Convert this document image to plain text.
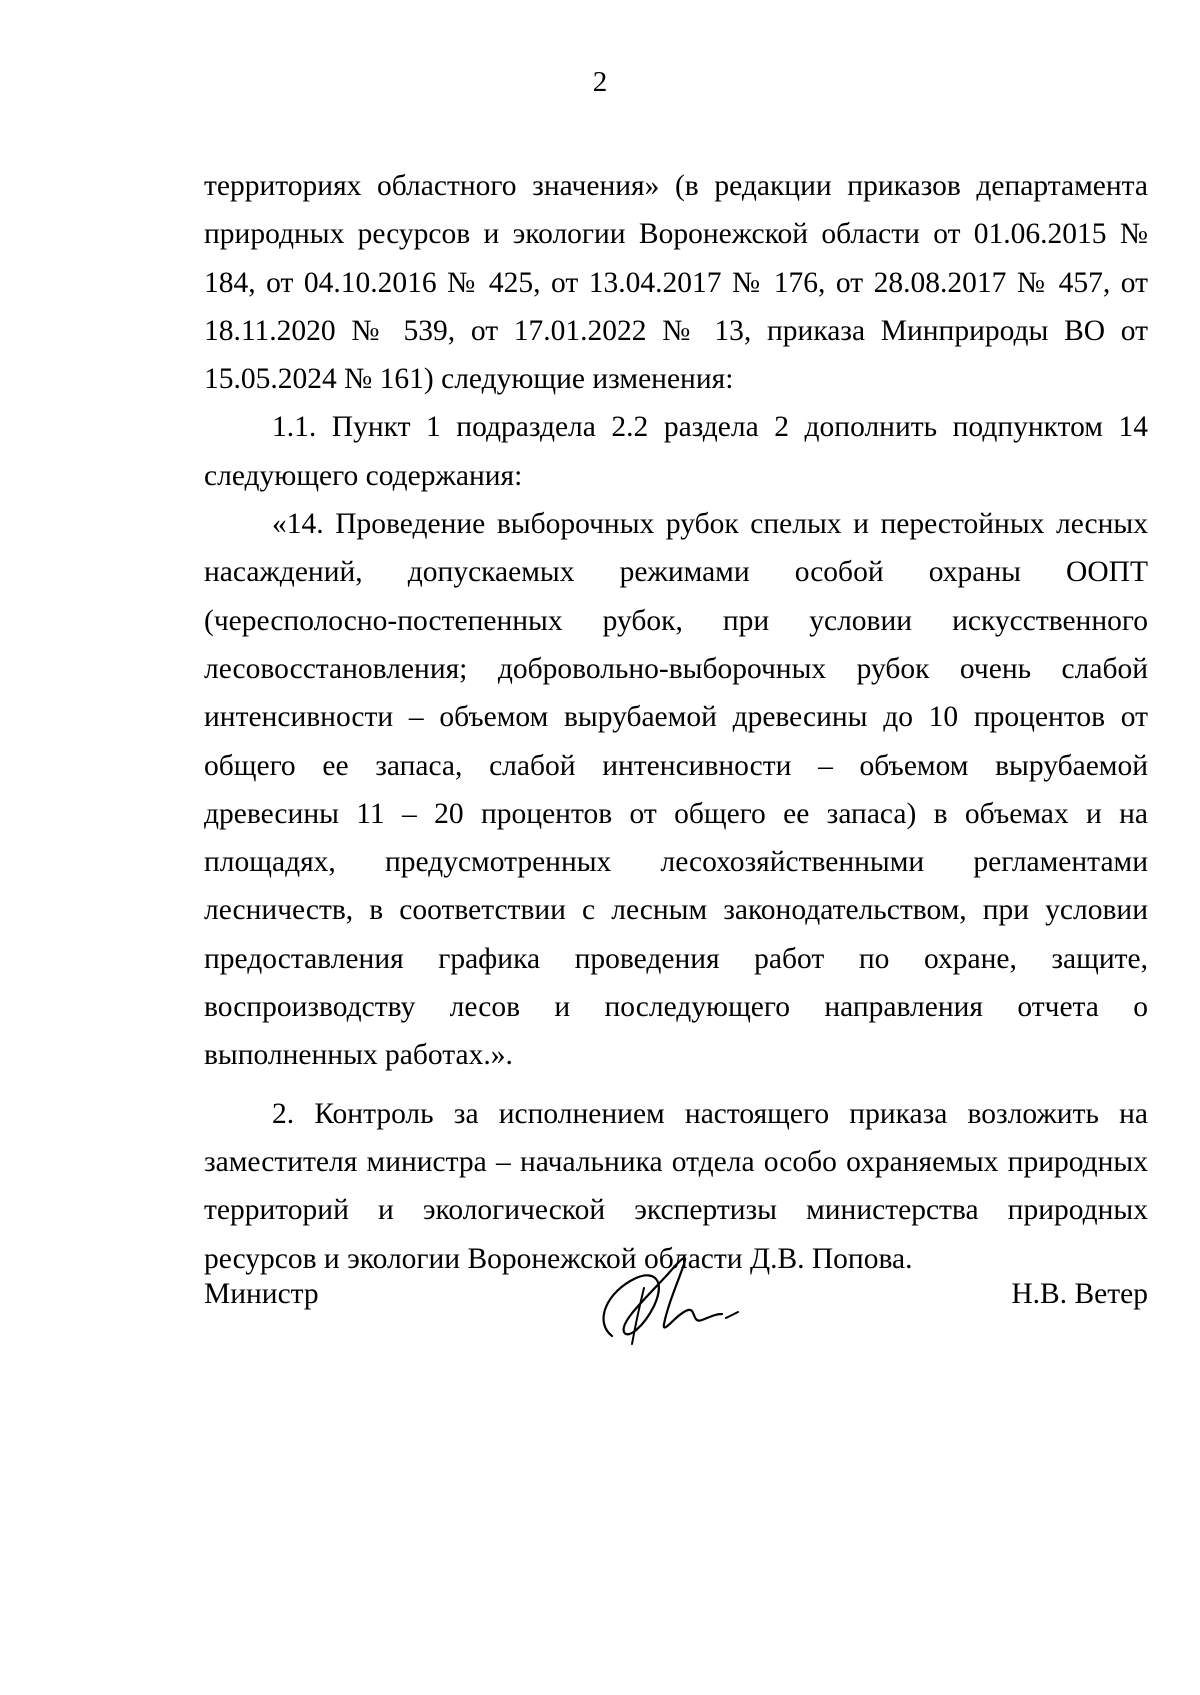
2

территориях областного значения» (в редакции приказов департамента природных ресурсов и экологии Воронежской области от 01.06.2015 № 184, от 04.10.2016 № 425, от 13.04.2017 № 176, от 28.08.2017 № 457, от 18.11.2020 № 539, от 17.01.2022 № 13, приказа Минприроды ВО от 15.05.2024 № 161) следующие изменения:

1.1. Пункт 1 подраздела 2.2 раздела 2 дополнить подпунктом 14 следующего содержания:

«14. Проведение выборочных рубок спелых и перестойных лесных насаждений, допускаемых режимами особой охраны ООПТ (чересполосно-постепенных рубок, при условии искусственного лесовосстановления; добровольно-выборочных рубок очень слабой интенсивности – объемом вырубаемой древесины до 10 процентов от общего ее запаса, слабой интенсивности – объемом вырубаемой древесины 11 – 20 процентов от общего ее запаса) в объемах и на площадях, предусмотренных лесохозяйственными регламентами лесничеств, в соответствии с лесным законодательством, при условии предоставления графика проведения работ по охране, защите, воспроизводству лесов и последующего направления отчета о выполненных работах.».

2. Контроль за исполнением настоящего приказа возложить на заместителя министра – начальника отдела особо охраняемых природных территорий и экологической экспертизы министерства природных ресурсов и экологии Воронежской области Д.В. Попова.

Министр	Н.В. Ветер
